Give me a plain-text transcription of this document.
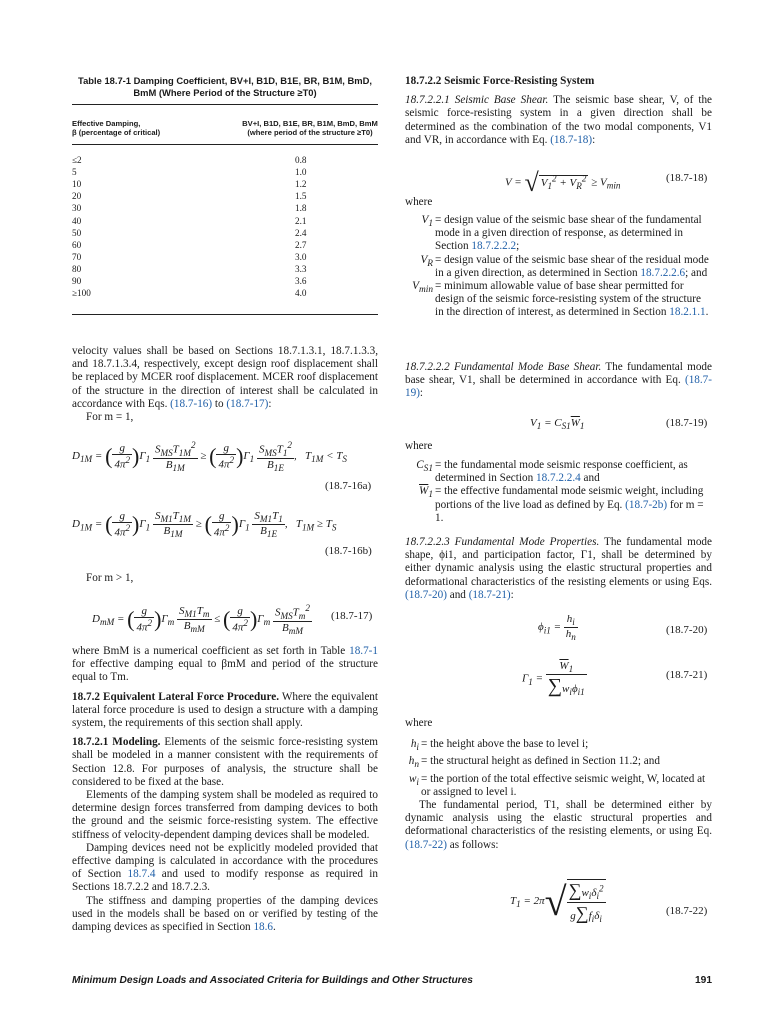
Table 18.7-1 Damping Coefficient, BV+I, B1D, B1E, BR, B1M, BmD,
BmM (Where Period of the Structure ≥T0)
Effective Damping,
β (percentage of critical)
BV+I, B1D, B1E, BR, B1M, BmD, BmM
(where period of the structure ≥T0)
≤2	0.8
5	1.0
10	1.2
20	1.5
30	1.8
40	2.1
50	2.4
60	2.7
70	3.0
80	3.3
90	3.6
≥100	4.0

velocity values shall be based on Sections 18.7.1.3.1, 18.7.1.3.3, and 18.7.1.3.4, respectively, except design roof displacement shall be replaced by MCER roof displacement. MCER roof displacement of the structure in the direction of interest shall be calculated in accordance with Eqs. (18.7-16) to (18.7-17):

For m = 1,

$D_{1M}$ = ( $\frac{g}{4\pi^2} )\Gamma_1 \frac{S_{MS}T_{1M}^2}{B_{1M}}$ ≥ ( $\frac{g}{4\pi^2} )\Gamma_1 \frac{S_{MS}T_1^2}{B_{1E}}$ ,   $T_{1M} < T_S$
(18.7-16a)
$D_{1M}$ = ( $\frac{g}{4\pi^2} )\Gamma_1 \frac{S_{M1}T_{1M}}{B_{1M}}$ ≥ ( $\frac{g}{4\pi^2} )\Gamma_1 \frac{S_{M1}T_1}{B_{1E}}$ ,   $T_{1M} \ge T_S$
(18.7-16b)
For m > 1,
$D_{mM}$ = ( $\frac{g}{4\pi^2} )\Gamma_m \frac{S_{M1}T_m}{B_{mM}}$ ≤ ( $\frac{g}{4\pi^2} )\Gamma_m \frac{S_{MS}T_m^2}{B_{mM}} (18.7-17)$

where BmM is a numerical coefficient as set forth in Table 18.7-1 for effective damping equal to βmM and period of the structure equal to Tm.

18.7.2 Equivalent Lateral Force Procedure. Where the equivalent lateral force procedure is used to design a structure with a damping system, the requirements of this section shall apply.

18.7.2.1 Modeling. Elements of the seismic force-resisting system shall be modeled in a manner consistent with the requirements of Section 12.8. For purposes of analysis, the structure shall be considered to be fixed at the base.

Elements of the damping system shall be modeled as required to determine design forces transferred from damping devices to both the ground and the seismic force-resisting system. The effective stiffness of velocity-dependent damping devices shall be modeled.

Damping devices need not be explicitly modeled provided that effective damping is calculated in accordance with the procedures of Section 18.7.4 and used to modify response as required in Sections 18.7.2.2 and 18.7.2.3.

The stiffness and damping properties of the damping devices used in the models shall be based on or verified by testing of the damping devices as specified in Section 18.6.

18.7.2.2 Seismic Force-Resisting System

18.7.2.2.1 Seismic Base Shear. The seismic base shear, V, of the seismic force-resisting system in a given direction shall be determined as the combination of the two modal components, V1 and VR, in accordance with Eq. (18.7-18):

V = √ $V_1^2 + V_R^2 \ge V_{min}$
(18.7-18)
where
$V_1$ = design value of the seismic base shear of the fundamental mode in a given direction of response, as determined in Section 18.7.2.2.2;
$V_R$ = design value of the seismic base shear of the residual mode in a given direction, as determined in Section 18.7.2.2.6; and
$V_{min}$ = minimum allowable value of base shear permitted for design of the seismic force-resisting system of the structure in the direction of interest, as determined in Section 18.2.1.1.

18.7.2.2.2 Fundamental Mode Base Shear. The fundamental mode base shear, V1, shall be determined in accordance with Eq. (18.7-19):

$V_1 = C_{S1}\overline{W}_1$	(18.7-19)
where
$C_{S1}$ = the fundamental mode seismic response coefficient, as determined in Section 18.7.2.2.4 and
$\overline{W}_1$ = the effective fundamental mode seismic weight, including portions of the live load as defined by Eq. (18.7-2b) for m = 1.

18.7.2.2.3 Fundamental Mode Properties. The fundamental mode shape, ϕi1, and participation factor, Γ1, shall be determined by either dynamic analysis using the elastic structural properties and deformational characteristics of the resisting elements or using Eqs. (18.7-20) and (18.7-21):

$\phi_{i1} = \frac{h_i}{h_n}$	(18.7-20)
$\Gamma_1 = \frac{\overline{W}_1}{\sum w_i\phi_{i1}}$	(18.7-21)
where
$h_i$ = the height above the base to level i;
$h_n$ = the structural height as defined in Section 11.2; and
$w_i$ = the portion of the total effective seismic weight, W, located at or assigned to level i.

The fundamental period, T1, shall be determined either by dynamic analysis using the elastic structural properties and deformational characteristics of the resisting elements, or using Eq. (18.7-22) as follows:

$T_1 = 2\pi√ \frac{\sum w_i\delta_i^2}{g\sum f_i\delta_i}$	(18.7-22)
Minimum Design Loads and Associated Criteria for Buildings and Other Structures	191
